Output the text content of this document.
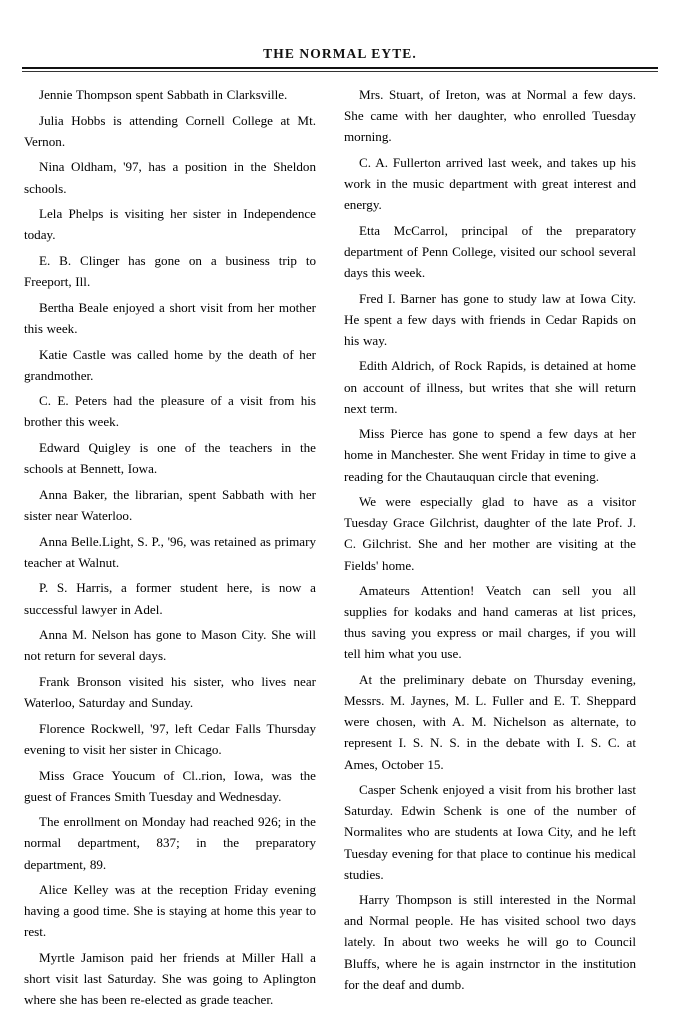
THE NORMAL EYTE.

Jennie Thompson spent Sabbath in Clarksville.

Julia Hobbs is attending Cornell College at Mt. Vernon.

Nina Oldham, '97, has a position in the Sheldon schools.

Lela Phelps is visiting her sister in Independence today.

E. B. Clinger has gone on a business trip to Freeport, Ill.

Bertha Beale enjoyed a short visit from her mother this week.

Katie Castle was called home by the death of her grandmother.

C. E. Peters had the pleasure of a visit from his brother this week.

Edward Quigley is one of the teachers in the schools at Bennett, Iowa.

Anna Baker, the librarian, spent Sabbath with her sister near Waterloo.

Anna Belle.Light, S. P., '96, was retained as primary teacher at Walnut.

P. S. Harris, a former student here, is now a successful lawyer in Adel.

Anna M. Nelson has gone to Mason City. She will not return for several days.

Frank Bronson visited his sister, who lives near Waterloo, Saturday and Sunday.

Florence Rockwell, '97, left Cedar Falls Thursday evening to visit her sister in Chicago.

Miss Grace Youcum of Cl..rion, Iowa, was the guest of Frances Smith Tuesday and Wednesday.

The enrollment on Monday had reached 926; in the normal department, 837; in the preparatory department, 89.

Alice Kelley was at the reception Friday evening having a good time. She is staying at home this year to rest.

Myrtle Jamison paid her friends at Miller Hall a short visit last Saturday. She was going to Aplington where she has been re-elected as grade teacher.

Mrs. Stuart, of Ireton, was at Normal a few days. She came with her daughter, who enrolled Tuesday morning.

C. A. Fullerton arrived last week, and takes up his work in the music department with great interest and energy.

Etta McCarrol, principal of the preparatory department of Penn College, visited our school several days this week.

Fred I. Barner has gone to study law at Iowa City. He spent a few days with friends in Cedar Rapids on his way.

Edith Aldrich, of Rock Rapids, is detained at home on account of illness, but writes that she will return next term.

Miss Pierce has gone to spend a few days at her home in Manchester. She went Friday in time to give a reading for the Chautauquan circle that evening.

We were especially glad to have as a visitor Tuesday Grace Gilchrist, daughter of the late Prof. J. C. Gilchrist. She and her mother are visiting at the Fields' home.

Amateurs Attention! Veatch can sell you all supplies for kodaks and hand cameras at list prices, thus saving you express or mail charges, if you will tell him what you use.

At the preliminary debate on Thursday evening, Messrs. M. Jaynes, M. L. Fuller and E. T. Sheppard were chosen, with A. M. Nichelson as alternate, to represent I. S. N. S. in the debate with I. S. C. at Ames, October 15.

Casper Schenk enjoyed a visit from his brother last Saturday. Edwin Schenk is one of the number of Normalites who are students at Iowa City, and he left Tuesday evening for that place to continue his medical studies.

Harry Thompson is still interested in the Normal and Normal people. He has visited school two days lately. In about two weeks he will go to Council Bluffs, where he is again instrnctor in the institution for the deaf and dumb.
